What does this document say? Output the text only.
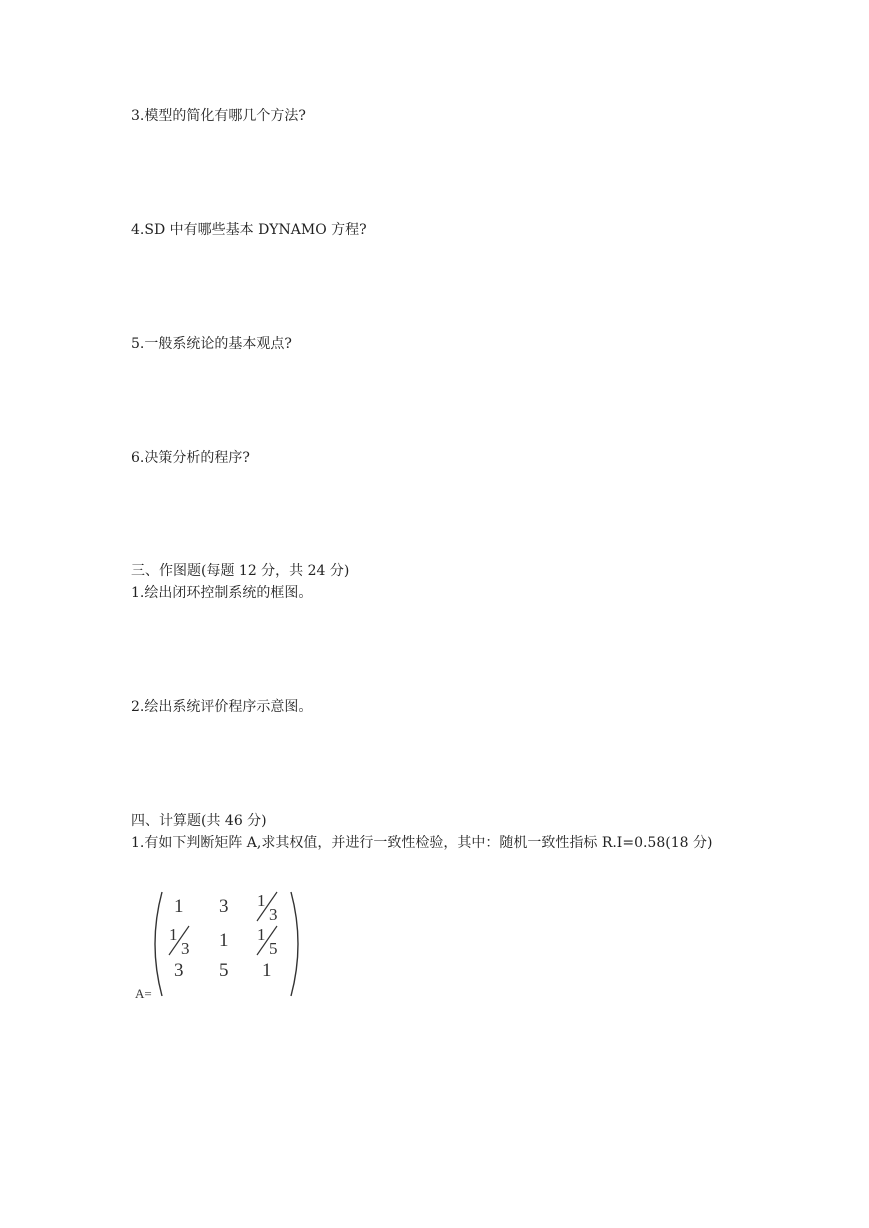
3.模型的简化有哪几个方法?
4.SD 中有哪些基本 DYNAMO 方程?
5.一般系统论的基本观点?
6.决策分析的程序?
三、作图题(每题 12 分，共 24 分)
1.绘出闭环控制系统的框图。
2.绘出系统评价程序示意图。
四、计算题(共 46 分)
1.有如下判断矩阵 A,求其权值，并进行一致性检验，其中：随机一致性指标 R.I=0.58(18 分)
A=
1 3 1
3
1
3 1 1
5
3 5 1
